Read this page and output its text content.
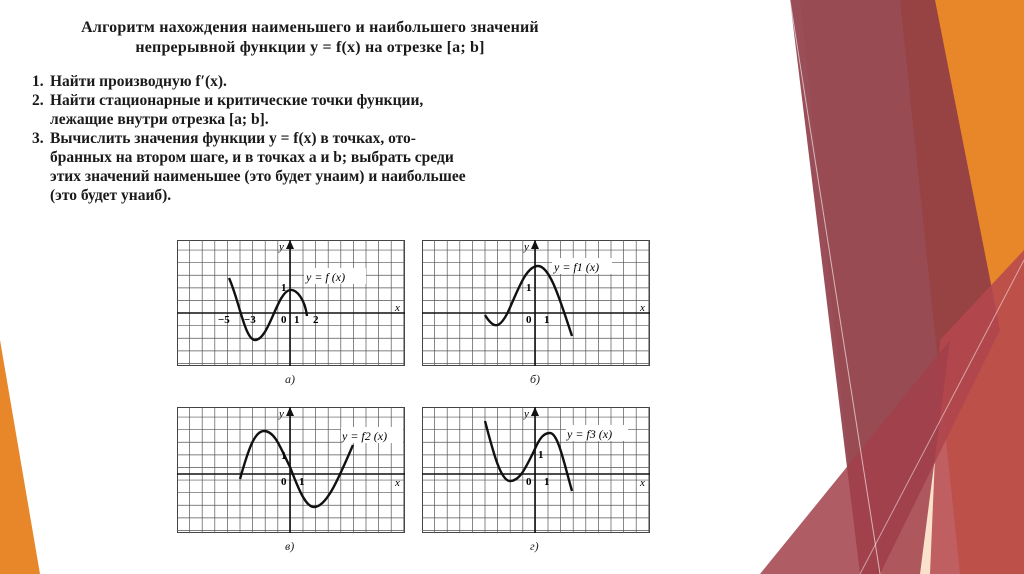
Алгоритм нахождения наименьшего и наибольшего значений

непрерывной функции y = f(x) на отрезке [a; b]

1. Найти производную f′(x).
2. Найти стационарные и критические точки функции,
лежащие внутри отрезка [a; b].
3. Вычислить значения функции y = f(x) в точках, ото-
бранных на втором шаге, и в точках a и b; выбрать среди
этих значений наименьшее (это будет yнаим) и наибольшее
(это будет yнаиб).
y = f (x)
−5 −3 0 1 2
1
x
y
а)
y = f1 (x)
1
0 1
x
y
б)
y = f2 (x)
1
0 1	x
y
в)
y = f3 (x)
1
0 1	x
y
г)
